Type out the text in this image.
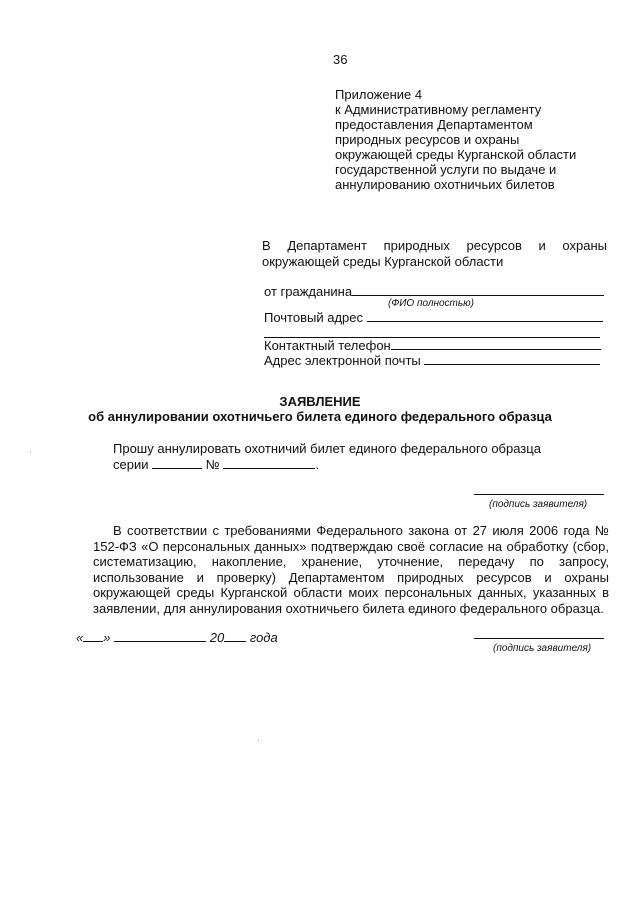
36
Приложение 4
к Административному регламенту
предоставления Департаментом
природных ресурсов и охраны
окружающей среды Курганской области
государственной услуги по выдаче и
аннулированию охотничьих билетов
В Департамент природных ресурсов и охраны
окружающей среды Курганской области
от гражданина
(ФИО полностью)
Почтовый адрес
Контактный телефон
Адрес электронной почты
ЗАЯВЛЕНИЕ
об аннулировании охотничьего билета единого федерального образца
Прошу аннулировать охотничий билет единого федерального образца
серии	№	.
(подпись заявителя)
В соответствии с требованиями Федерального закона от 27 июля 2006 года №
152-ФЗ «О персональных данных» подтверждаю своё согласие на обработку (сбор, систематизацию, накопление, хранение, уточнение, передачу по запросу, использование и проверку) Департаментом природных ресурсов и охраны окружающей среды Курганской области моих персональных данных, указанных в заявлении, для аннулирования охотничьего билета единого федерального образца.
« »	20 года
(подпись заявителя)
